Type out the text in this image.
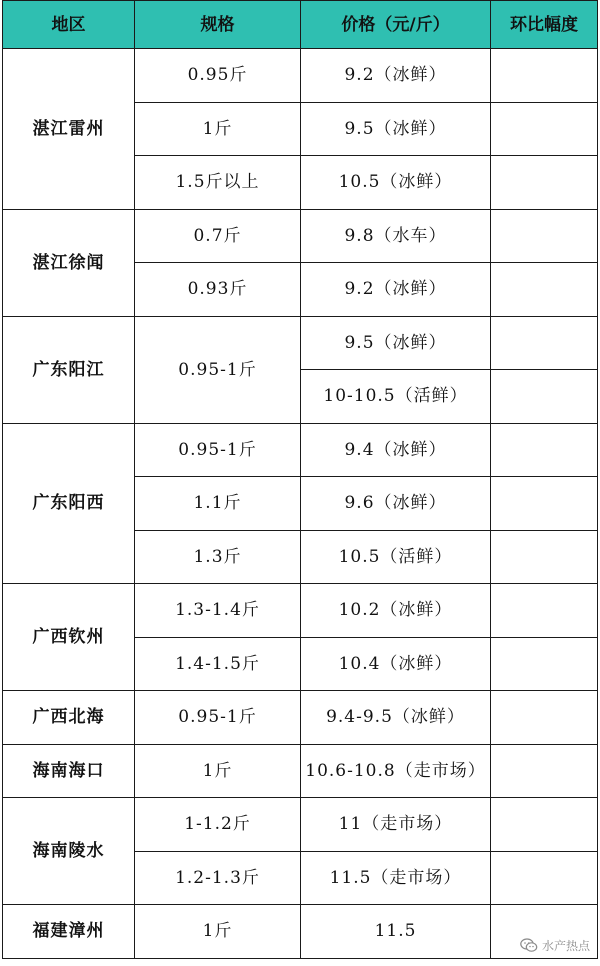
地区	规格	价格（元/斤）	环比幅度
湛江雷州	0.95斤	9.2（冰鲜）	
	1斤	9.5（冰鲜）	
	1.5斤以上	10.5（冰鲜）	
湛江徐闻	0.7斤	9.8（水车）	
	0.93斤	9.2（冰鲜）	
广东阳江	0.95-1斤	9.5（冰鲜）	
		10-10.5（活鲜）	
广东阳西	0.95-1斤	9.4（冰鲜）	
	1.1斤	9.6（冰鲜）	
	1.3斤	10.5（活鲜）	
广西钦州	1.3-1.4斤	10.2（冰鲜）	
	1.4-1.5斤	10.4（冰鲜）	
广西北海	0.95-1斤	9.4-9.5（冰鲜）	
海南海口	1斤	10.6-10.8（走市场）	
海南陵水	1-1.2斤	11（走市场）	
	1.2-1.3斤	11.5（走市场）	
福建漳州	1斤	11.5	
水产热点
